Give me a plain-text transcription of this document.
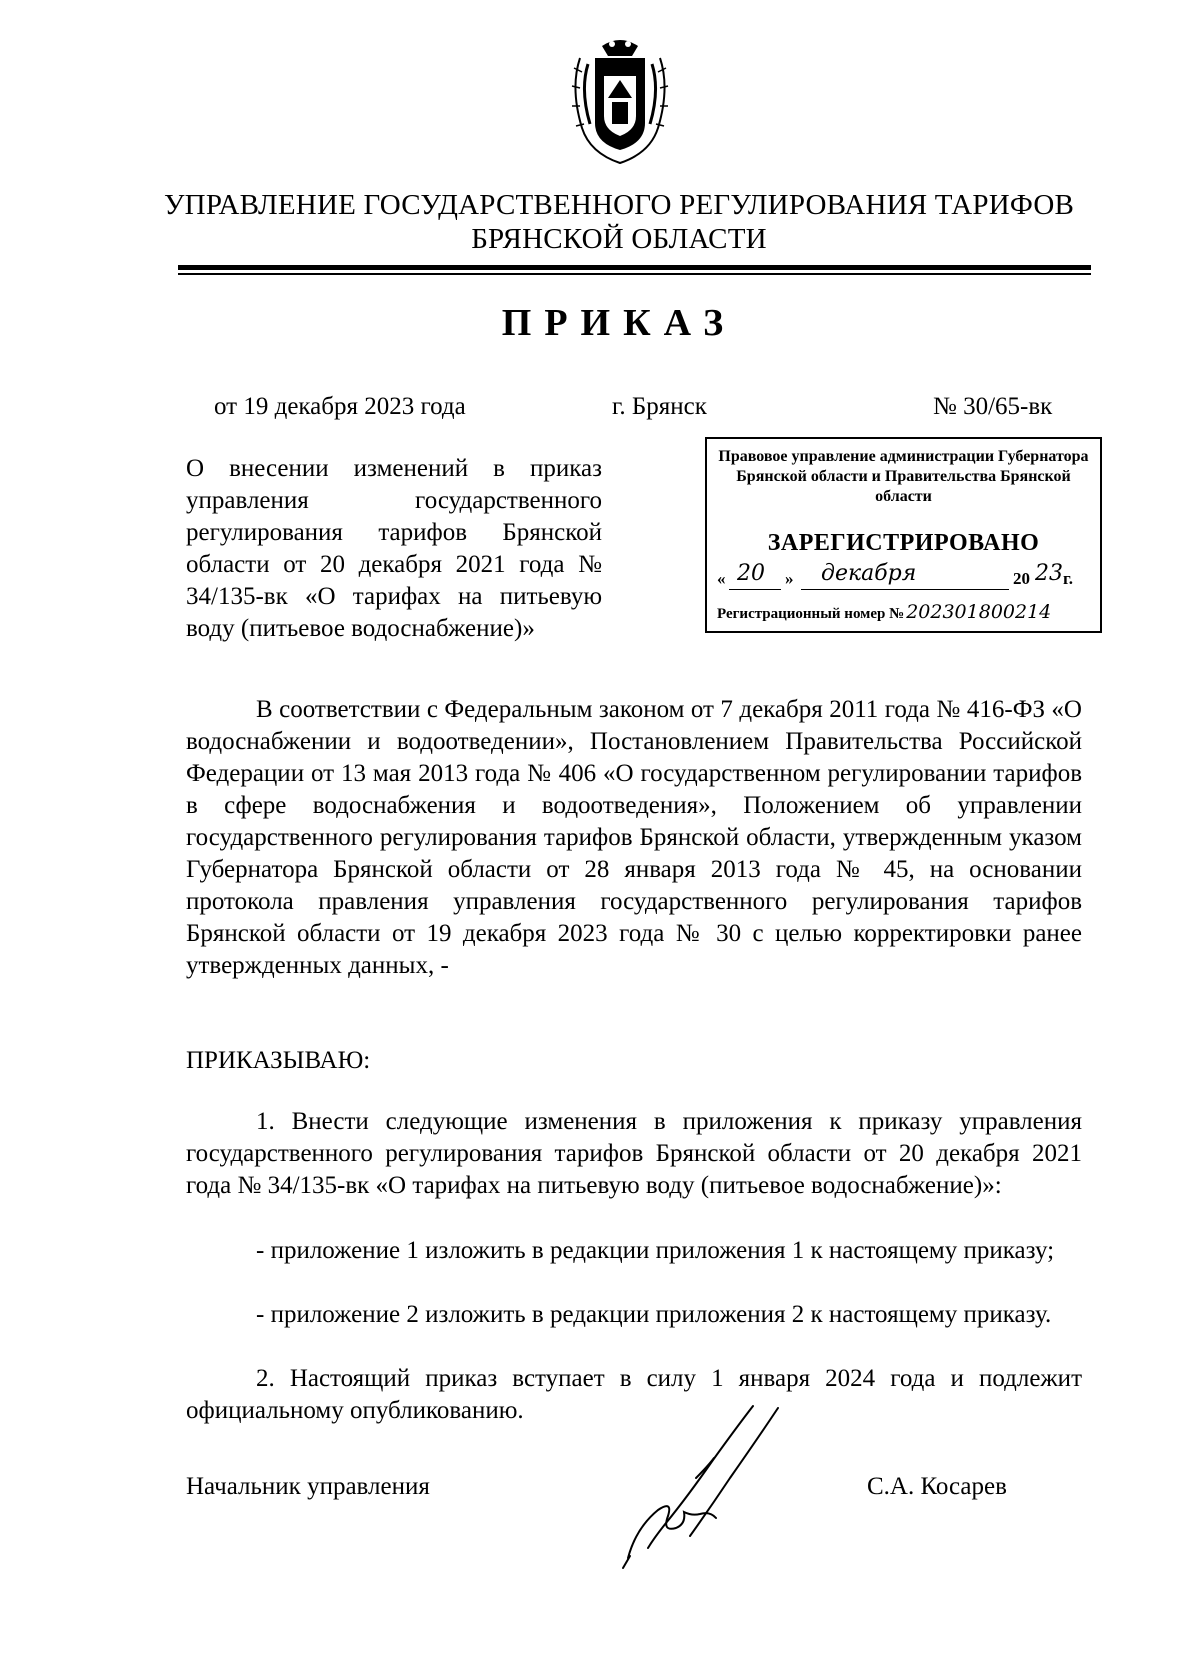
УПРАВЛЕНИЕ ГОСУДАРСТВЕННОГО РЕГУЛИРОВАНИЯ ТАРИФОВ
БРЯНСКОЙ ОБЛАСТИ
ПРИКАЗ
от 19 декабря 2023 года	г. Брянск	№ 30/65-вк
О внесении изменений в приказ управления государственного регулирования тарифов Брянской области от 20 декабря 2021 года № 34/135-вк «О тарифах на питьевую воду (питьевое водоснабжение)»
Правовое управление администрации Губернатора Брянской области и Правительства Брянской области
ЗАРЕГИСТРИРОВАНО
« 20 » декабря	20 23 г.
Регистрационный номер № 202301800214

В соответствии с Федеральным законом от 7 декабря 2011 года № 416-ФЗ «О водоснабжении и водоотведении», Постановлением Правительства Российской Федерации от 13 мая 2013 года № 406 «О государственном регулировании тарифов в сфере водоснабжения и водоотведения», Положением об управлении государственного регулирования тарифов Брянской области, утвержденным указом Губернатора Брянской области от 28 января 2013 года № 45, на основании протокола правления управления государственного регулирования тарифов Брянской области от 19 декабря 2023 года № 30 с целью корректировки ранее утвержденных данных, -

ПРИКАЗЫВАЮ:

1. Внести следующие изменения в приложения к приказу управления государственного регулирования тарифов Брянской области от 20 декабря 2021 года № 34/135-вк «О тарифах на питьевую воду (питьевое водоснабжение)»:

- приложение 1 изложить в редакции приложения 1 к настоящему приказу;

- приложение 2 изложить в редакции приложения 2 к настоящему приказу.

2. Настоящий приказ вступает в силу 1 января 2024 года и подлежит официальному опубликованию.

Начальник управления	С.А. Косарев
